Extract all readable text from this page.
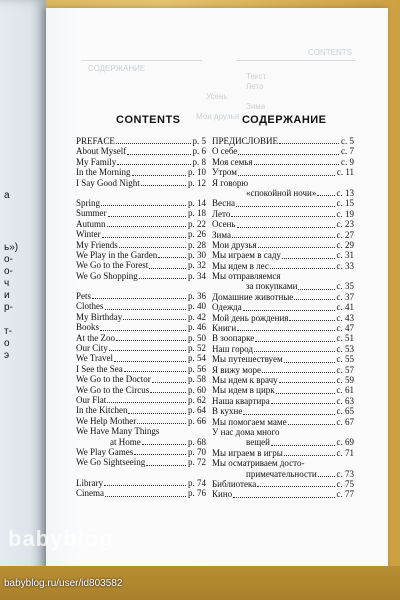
а
ь»)
о-
о-
ч
и
р-
т-
о
э
СОДЕРЖАНИЕ
CONTENTS
Текст
Лето
Усень
Зима
Мои друзья
CONTENTS	СОДЕРЖАНИЕ
PREFACE	p. 5
About Myself	p. 6
My Family	p. 8
In the Morning	p. 10
I Say Good Night	p. 12
Spring	p. 14
Summer	p. 18
Autumn	p. 22
Winter	p. 26
My Friends	p. 28
We Play in the Garden	p. 30
We Go to the Forest	p. 32
We Go Shopping	p. 34
Pets	p. 36
Clothes	p. 40
My Birthday	p. 42
Books	p. 46
At the Zoo	p. 50
Our City	p. 52
We Travel	p. 54
I See the Sea	p. 56
We Go to the Doctor	p. 58
We Go to the Circus	p. 60
Our Flat	p. 62
In the Kitchen	p. 64
We Help Mother	p. 66
We Have Many Things
at Home	p. 68
We Play Games	p. 70
We Go Sightseeing	p. 72
Library	p. 74
Cinema	p. 76
ПРЕДИСЛОВИЕ	с. 5
О себе	с. 7
Моя семья	с. 9
Утром	с. 11
Я говорю
«спокойной ночи» с. 13
Весна	с. 15
Лето	с. 19
Осень	с. 23
Зима	с. 27
Мои друзья	с. 29
Мы играем в саду	с. 31
Мы идем в лес	с. 33
Мы отправляемся
за покупками	с. 35
Домашние животные	с. 37
Одежда	с. 41
Мой день рождения	с. 43
Книги	с. 47
В зоопарке	с. 51
Наш город	с. 53
Мы путешествуем	с. 55
Я вижу море	с. 57
Мы идем к врачу	с. 59
Мы идем в цирк	с. 61
Наша квартира	с. 63
В кухне	с. 65
Мы помогаем маме	с. 67
У нас дома много
вещей	с. 69
Мы играем в игры	с. 71
Мы осматриваем досто-
примечательности с. 73
Библиотека	с. 75
Кино	с. 77
babyblog
babyblog.ru/user/id803582
